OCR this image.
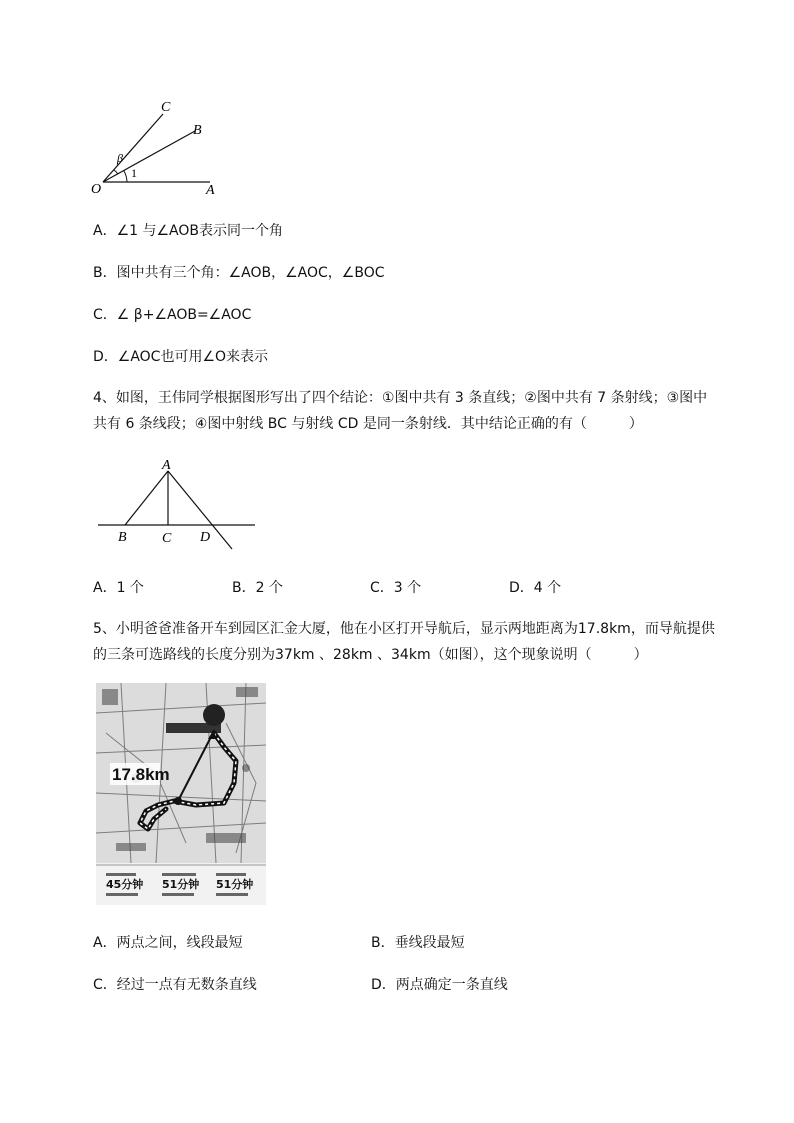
C
B
O	A
β
1
A．∠1 与∠AOB表示同一个角
B．图中共有三个角：∠AOB，∠AOC，∠BOC
C．∠ β+∠AOB=∠AOC
D．∠AOC也可用∠O来表示
4、如图，王伟同学根据图形写出了四个结论：①图中共有 3 条直线；②图中共有 7 条射线；③图中
共有 6 条线段；④图中射线 BC 与射线 CD 是同一条射线．其中结论正确的有（　　　）
A
B	C D
A．1 个	B．2 个	C．3 个	D．4 个
5、小明爸爸准备开车到园区汇金大厦，他在小区打开导航后，显示两地距离为17.8km，而导航提供
的三条可选路线的长度分别为37km 、28km 、34km（如图），这个现象说明（　　　）
17.8km
45分钟 51分钟 51分钟
A．两点之间，线段最短	B．垂线段最短
C．经过一点有无数条直线	D．两点确定一条直线
